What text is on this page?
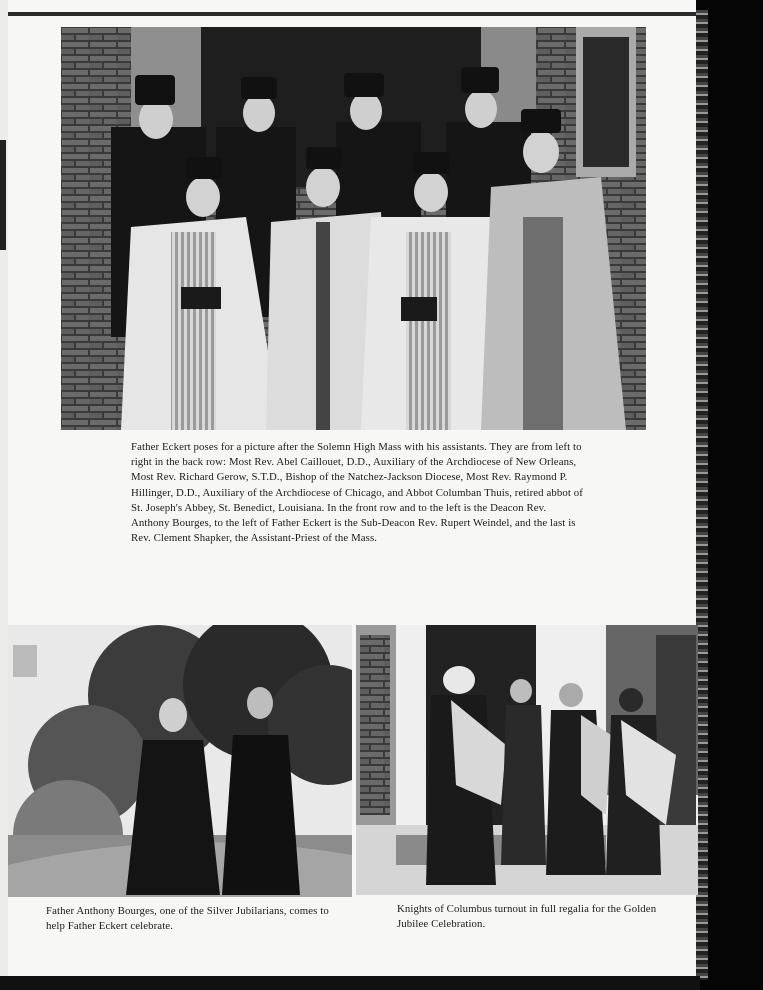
Father Eckert poses for a picture after the Solemn High Mass with his assistants. They are from left to right in the back row: Most Rev. Abel Caillouet, D.D., Auxiliary of the Archdiocese of New Orleans, Most Rev. Richard Gerow, S.T.D., Bishop of the Natchez-Jackson Diocese, Most Rev. Raymond P. Hillinger, D.D., Auxiliary of the Archdiocese of Chicago, and Abbot Columban Thuis, retired abbot of St. Joseph's Abbey, St. Benedict, Louisiana. In the front row and to the left is the Deacon Rev. Anthony Bourges, to the left of Father Eckert is the Sub-Deacon Rev. Rupert Weindel, and the last is Rev. Clement Shapker, the Assistant-Priest of the Mass.
Father Anthony Bourges, one of the Silver Jubilarians, comes to help Father Eckert celebrate.
Knights of Columbus turnout in full regalia for the Golden Jubilee Celebration.
